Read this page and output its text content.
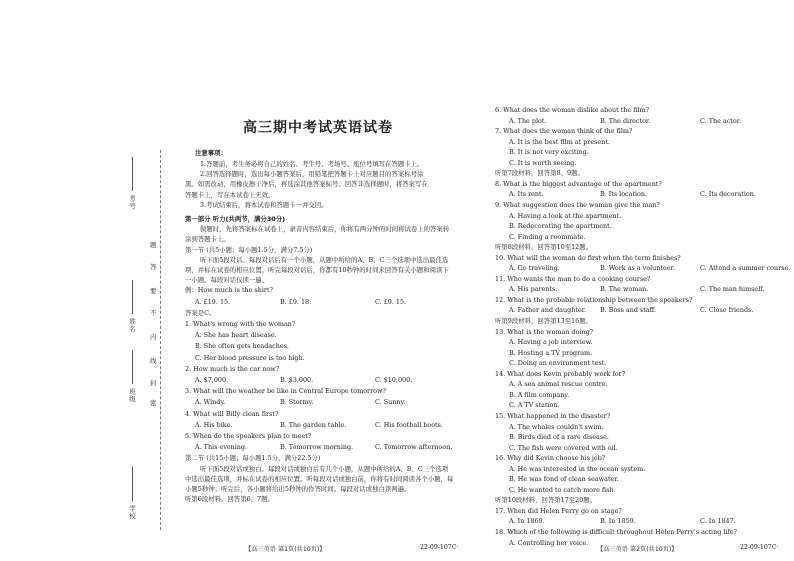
考号
姓名
班级
学校
题
答
要
不
内
线
封
密
高三期中考试英语试卷
注意事项：
1.答题前，考生务必将自己的姓名、考生号、考场号、座位号填写在答题卡上。
2.回答选择题时，选出每小题答案后，用铅笔把答题卡上对应题目的答案标号涂
黑。如需改动，用橡皮擦干净后，再选涂其他答案标号。回答非选择题时，将答案写在
答题卡上，写在本试卷上无效。
3.考试结束后，将本试卷和答题卡一并交回。
第一部分 听力(共两节，满分30分)
做题时，先将答案标在试卷上，录音内容结束后，你将有两分钟的时间将试卷上的答案转
涂到答题卡上。
第一节 (共5小题；每小题1.5分，满分7.5分)
听下面5段对话。每段对话后有一个小题，从题中所给的A、B、C三个选项中选出最佳选
项，并标在试卷的相应位置。听完每段对话后，你都有10秒钟的时间来回答有关小题和阅读下
一小题。每段对话仅读一遍。
例：How much is the shirt?
A. £19. 15.	B. £9. 18.	C. £9. 15.
答案是C。
1. What's wrong with the woman?
A. She has heart disease.
B. She often gets headaches.
C. Her blood pressure is too high.
2. How much is the car now?
A. $7,000.	B. $3,000.	C. $10,000.
3. What will the weather be like in Central Europe tomorrow?
A. Windy.	B. Stormy.	C. Sunny.
4. What will Billy clean first?
A. His bike.	B. The garden table.	C. His football boots.
5. When do the speakers plan to meet?
A. This evening.	B. Tomorrow morning.	C. Tomorrow afternoon.
第二节 (共15小题；每小题1.5分，满分22.5分)
听下面5段对话或独白。每段对话或独白后有几个小题，从题中所给的A、B、C三个选项
中选出最佳选项，并标在试卷的相应位置。听每段对话或独白前，你将有时间阅读各个小题，每
小题5秒钟；听完后，各小题将给出5秒钟的作答时间。每段对话或独白读两遍。
听第6段材料，回答第6、7题。
6. What does the woman dislike about the film?
A. The plot.	B. The director.	C. The actor.
7. What does the woman think of the film?
A. It is the best film at present.
B. It is not very exciting.
C. It is worth seeing.
听第7段材料，回答第8、9题。
8. What is the biggest advantage of the apartment?
A. Its rent.	B. Its location.	C. Its decoration.
9. What suggestion does the woman give the man?
A. Having a look at the apartment.
B. Redecorating the apartment.
C. Finding a roommate.
听第8段材料，回答第10至12题。
10. What will the woman do first when the term finishes?
A. Go traveling.	B. Work as a volunteer.	C. Attend a summer course.
11. Who wants the man to do a cooking course?
A. His parents.	B. The woman.	C. The man himself.
12. What is the probable relationship between the speakers?
A. Father and daughter. B. Boss and staff.	C. Close friends.
听第9段材料，回答第13至16题。
13. What is the woman doing?
A. Having a job interview.
B. Hosting a TV program.
C. Doing an environment test.
14. What does Kevin probably work for?
A. A sea animal rescue centre.
B. A film company.
C. A TV station.
15. What happened in the disaster?
A. The whales couldn't swim.
B. Birds died of a rare disease.
C. The fish were covered with oil.
16. Why did Kevin choose his job?
A. He was interested in the ocean system.
B. He was fond of clean seawater.
C. He wanted to catch more fish.
听第10段材料，回答第17至20题。
17. When did Helen Perry go on stage?
A. In 1869.	B. In 1859.	C. In 1847.
18. Which of the following is difficult throughout Helen Perry's acting life?
A. Controlling her voice.
【高三英语 第1页(共10页)】	·22-09-107C·	【高三英语 第2页(共10页)】	·22-09-107C·
